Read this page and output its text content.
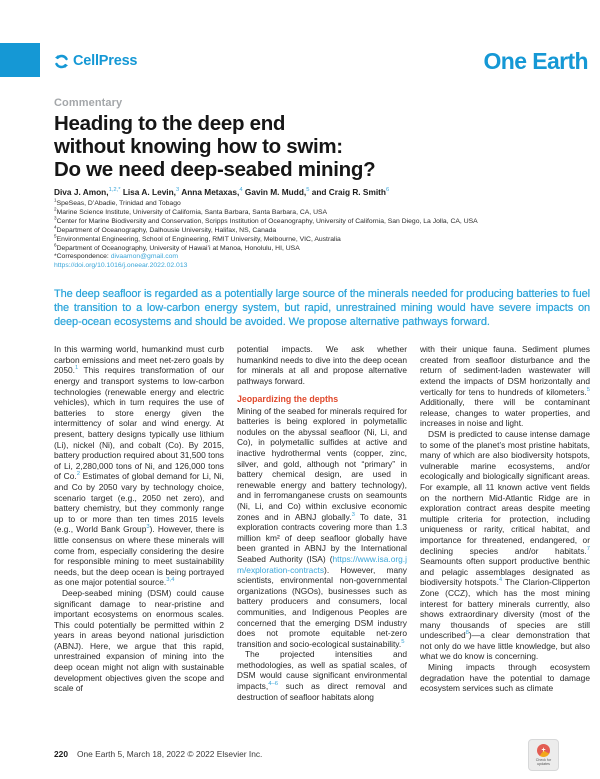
CellPress	One Earth
Commentary
Heading to the deep end
without knowing how to swim:
Do we need deep-seabed mining?
Diva J. Amon,$^{1,2,*}$ Lisa A. Levin,$^3$ Anna Metaxas,$^4$ Gavin M. Mudd,$^5$ and Craig R. Smith$^6$
$^1$SpeSeas, D’Abadie, Trinidad and Tobago
$^2$Marine Science Institute, University of California, Santa Barbara, Santa Barbara, CA, USA
$^3$Center for Marine Biodiversity and Conservation, Scripps Institution of Oceanography, University of California, San Diego, La Jolla, CA, USA
$^4$Department of Oceanography, Dalhousie University, Halifax, NS, Canada
$^5$Environmental Engineering, School of Engineering, RMIT University, Melbourne, VIC, Australia
$^6$Department of Oceanography, University of Hawai’i at Manoa, Honolulu, HI, USA
*Correspondence: divaamon@gmail.com
https://doi.org/10.1016/j.oneear.2022.02.013

The deep seafloor is regarded as a potentially large source of the minerals needed for producing batteries to fuel the transition to a low-carbon energy system, but rapid, unrestrained mining would have severe impacts on deep-ocean ecosystems and should be avoided. We propose alternative pathways forward.

In this warming world, humankind must curb carbon emissions and meet net-zero goals by 2050.$^1$ This requires transformation of our energy and transport systems to low-carbon technologies (renewable energy and electric vehicles), which in turn requires the use of batteries to store energy given the intermittency of solar and wind energy. At present, battery designs typically use lithium (Li), nickel (Ni), and cobalt (Co). By 2015, battery production required about 31,500 tons of Li, 2,280,000 tons of Ni, and 126,000 tons of Co.$^2$ Estimates of global demand for Li, Ni, and Co by 2050 vary by technology choice, scenario target (e.g., 2050 net zero), and battery chemistry, but they commonly range up to or more than ten times 2015 levels (e.g., World Bank Group$^3$). However, there is little consensus on where these minerals will come from, especially considering the desire for responsible mining to meet sustainability needs, but the deep ocean is being portrayed as one major potential source.$^{3,4}$

Deep-seabed mining (DSM) could cause significant damage to near-pristine and important ecosystems on enormous scales. This could potentially be permitted within 2 years in areas beyond national jurisdiction (ABNJ). Here, we argue that this rapid, unrestrained expansion of mining into the deep ocean might not align with sustainable development objectives given the scope and scale of

potential impacts. We ask whether humankind needs to dive into the deep ocean for minerals at all and propose alternative pathways forward.

Jeopardizing the depths

Mining of the seabed for minerals required for batteries is being explored in polymetallic nodules on the abyssal seafloor (Ni, Li, and Co), in polymetallic sulfides at active and inactive hydrothermal vents (copper, zinc, silver, and gold, although not “primary” in battery chemical design, are used in renewable energy and battery technology), and in ferromanganese crusts on seamounts (Ni, Li, and Co) within exclusive economic zones and in ABNJ globally.$^3$ To date, 31 exploration contracts covering more than 1.3 million km² of deep seafloor globally have been granted in ABNJ by the International Seabed Authority (ISA) (https://www.isa.org.jm/exploration-contracts). However, many scientists, environmental non-governmental organizations (NGOs), businesses such as battery producers and consumers, local communities, and Indigenous Peoples are concerned that the emerging DSM industry does not promote equitable net-zero transition and socio-ecological sustainability.$^5$

The projected intensities and methodologies, as well as spatial scales, of DSM would cause significant environmental impacts,$^{4-6}$ such as direct removal and destruction of seafloor habitats along

with their unique fauna. Sediment plumes created from seafloor disturbance and the return of sediment-laden wastewater will extend the impacts of DSM horizontally and vertically for tens to hundreds of kilometers.$^5$ Additionally, there will be contaminant release, changes to water properties, and increases in noise and light.

DSM is predicted to cause intense damage to some of the planet’s most pristine habitats, many of which are also biodiversity hotspots, vulnerable marine ecosystems, and/or ecologically and biologically significant areas. For example, all 11 known active vent fields on the northern Mid-Atlantic Ridge are in exploration contract areas despite meeting multiple criteria for protection, including uniqueness or rarity, critical habitat, and importance for threatened, endangered, or declining species and/or habitats.$^7$ Seamounts often support productive benthic and pelagic assemblages designated as biodiversity hotspots.$^4$ The Clarion-Clipperton Zone (CCZ), which has the most mining interest for battery minerals currently, also shows extraordinary diversity (most of the many thousands of species are still undescribed$^8$)—a clear demonstration that not only do we have little knowledge, but also what we do know is concerning.

Mining impacts through ecosystem degradation have the potential to damage ecosystem services such as climate

220 One Earth 5, March 18, 2022 © 2022 Elsevier Inc.	+
Check for updates
